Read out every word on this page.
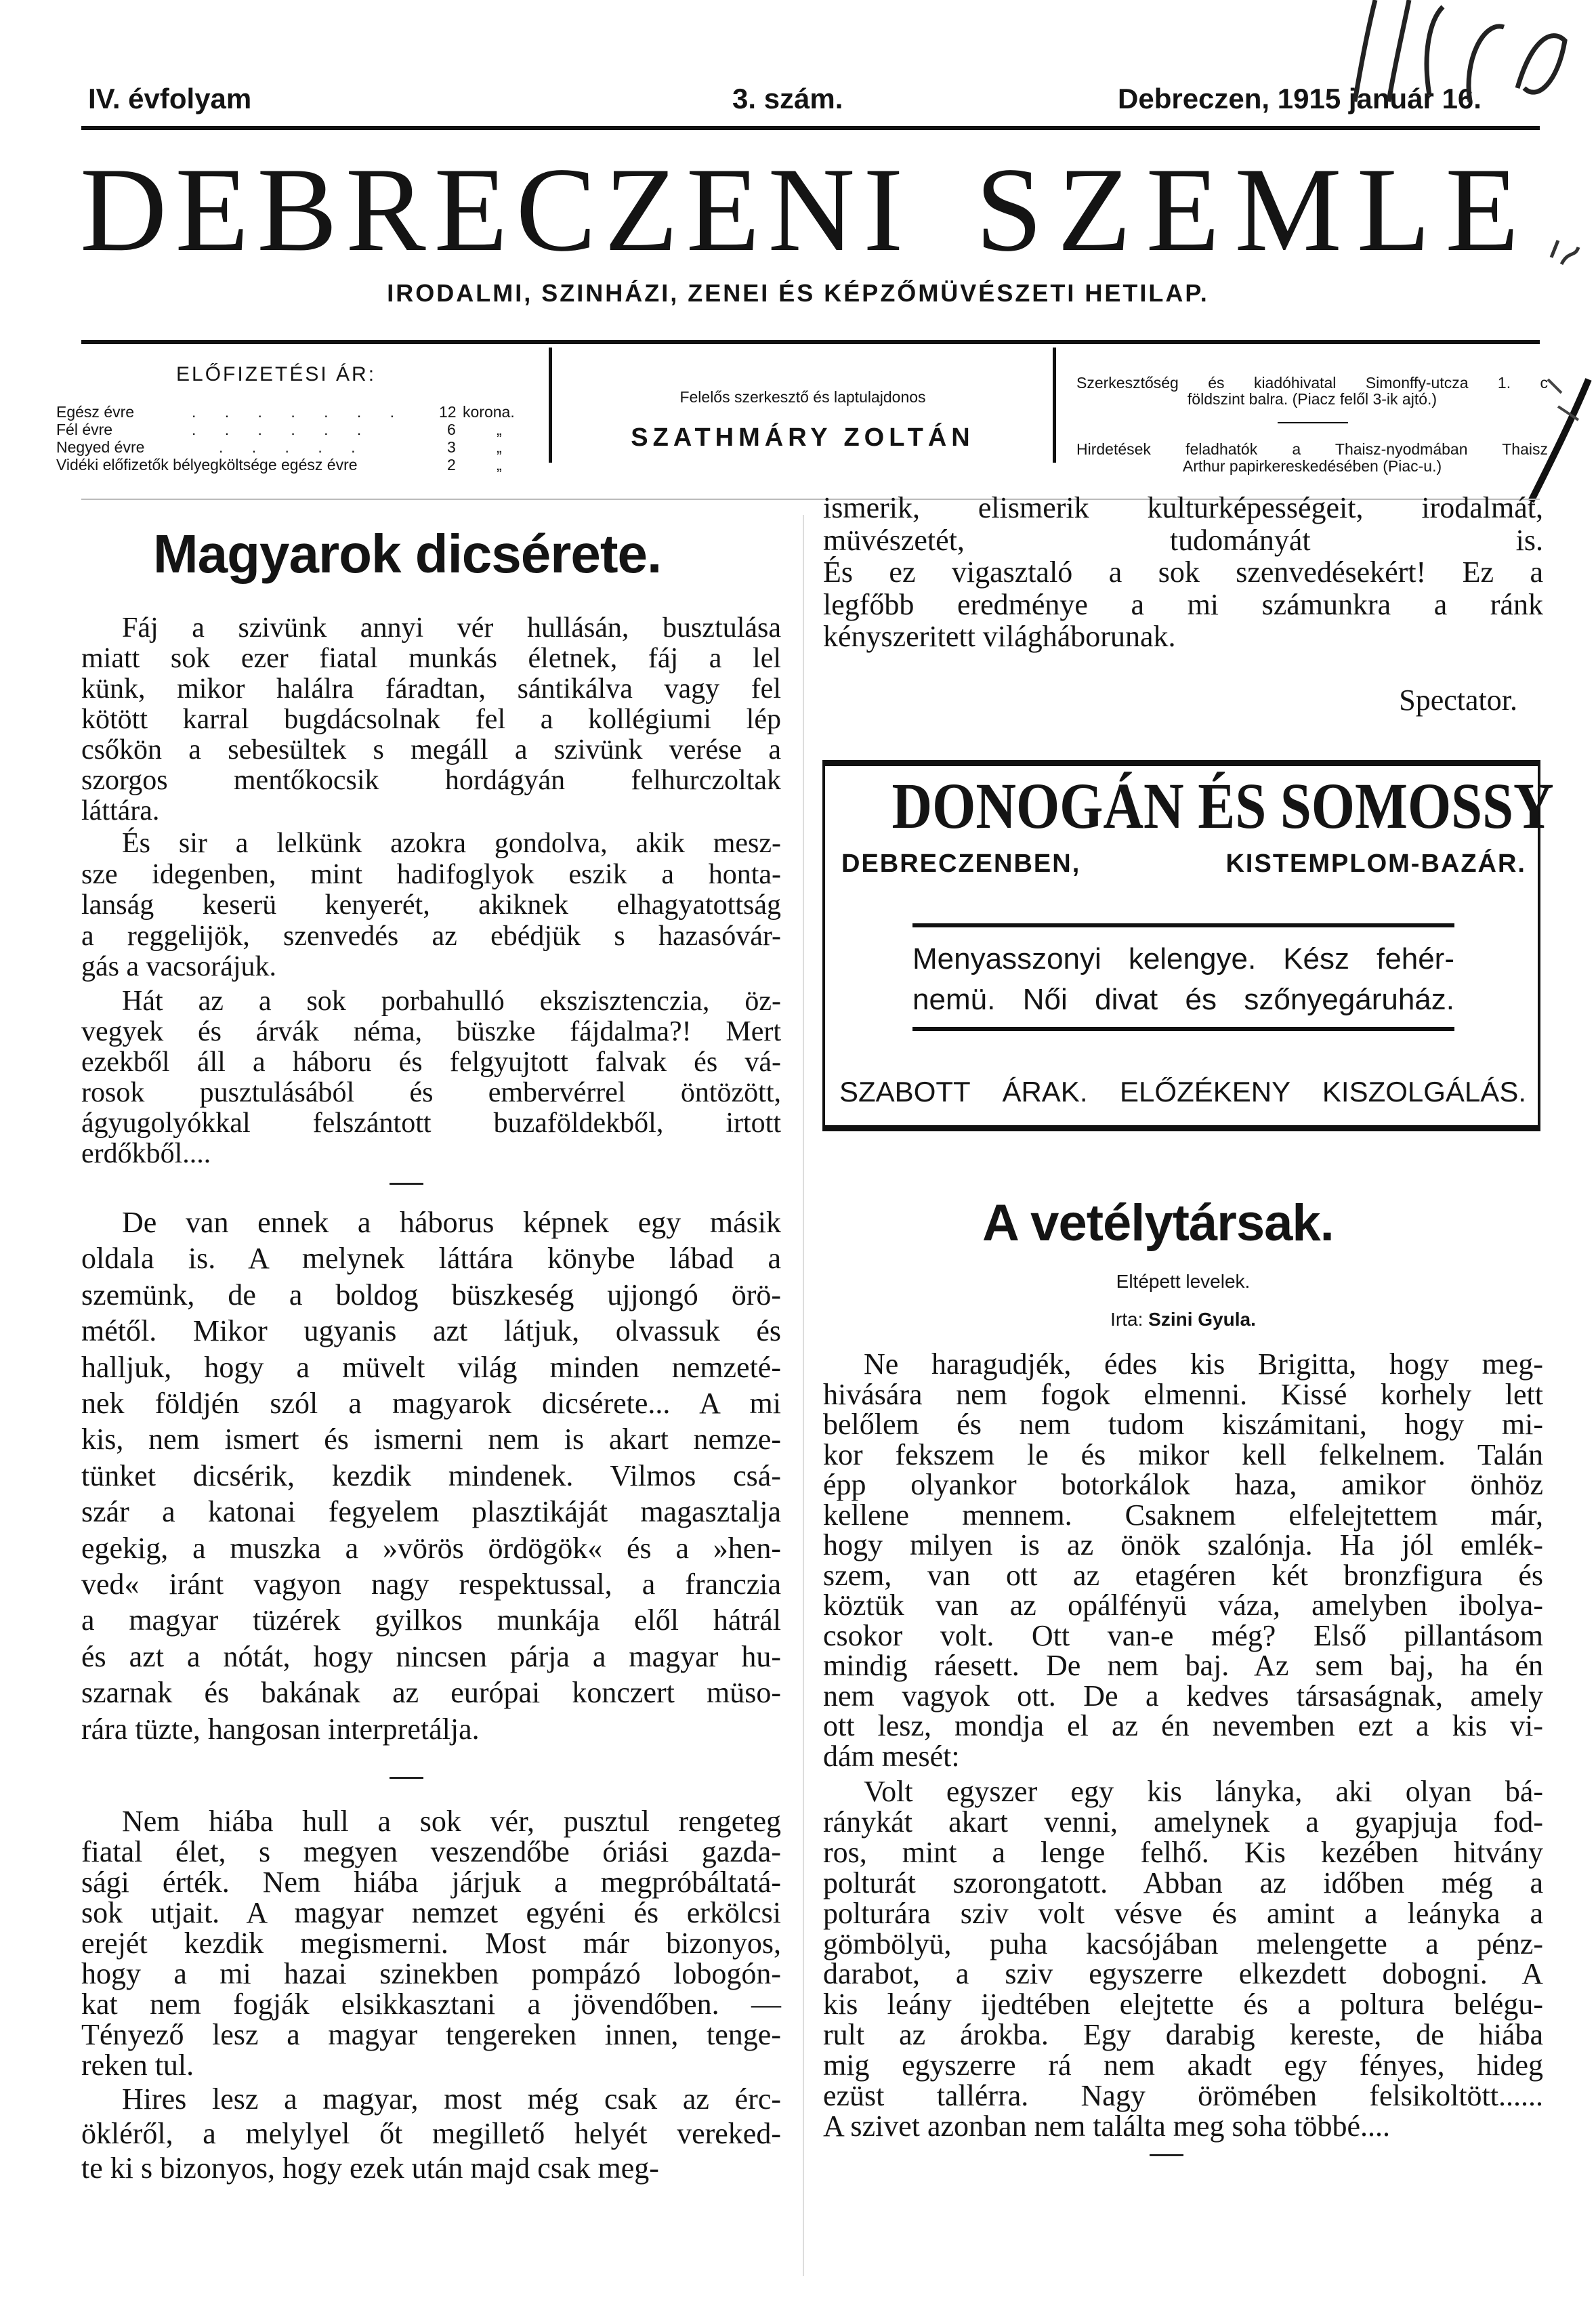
IV. évfolyam	3. szám.	Debreczen, 1915 január 16.
DEBRECZENI SZEMLE
IRODALMI, SZINHÁZI, ZENEI ÉS KÉPZŐMÜVÉSZETI HETILAP.
ELŐFIZETÉSI ÁR:
Egész évre	. . . . . . . 12 korona.
Fél évre	. . . . . .	6	„
Negyed évre	. . . . .	3	„
Vidéki előfizetők bélyegköltsége egész évre	2	„
Felelős szerkesztő és laptulajdonos
SZATHMÁRY ZOLTÁN
Szerkesztőség és kiadóhivatal Simonffy-utcza 1. c
földszint balra. (Piacz felől 3-ik ajtó.)
Hirdetések feladhatók a Thaisz-nyodmában Thaisz
Arthur papirkereskedésében (Piac-u.)
Magyarok dicsérete.
Fáj a szivünk annyi vér hullásán, busztulása
miatt sok ezer fiatal munkás életnek, fáj a lel
künk, mikor halálra fáradtan, sántikálva vagy fel
kötött karral bugdácsolnak fel a kollégiumi lép
csőkön a sebesültek s megáll a szivünk verése a
szorgos mentőkocsik hordágyán felhurczoltak
láttára.
És sir a lelkünk azokra gondolva, akik mesz-
sze idegenben, mint hadifoglyok eszik a honta-
lanság keserü kenyerét, akiknek elhagyatottság
a reggelijök, szenvedés az ebédjük s hazasóvár-
gás a vacsorájuk.
Hát az a sok porbahulló ekszisztenczia, öz-
vegyek és árvák néma, büszke fájdalma?! Mert
ezekből áll a háboru és felgyujtott falvak és vá-
rosok pusztulásából és embervérrel öntözött,
ágyugolyókkal felszántott buzaföldekből, irtott
erdőkből....
De van ennek a háborus képnek egy másik
oldala is. A melynek láttára könybe lábad a
szemünk, de a boldog büszkeség ujjongó örö-
métől. Mikor ugyanis azt látjuk, olvassuk és
halljuk, hogy a müvelt világ minden nemzeté-
nek földjén szól a magyarok dicsérete... A mi
kis, nem ismert és ismerni nem is akart nemze-
tünket dicsérik, kezdik mindenek. Vilmos csá-
szár a katonai fegyelem plasztikáját magasztalja
egekig, a muszka a »vörös ördögök« és a »hen-
ved« iránt vagyon nagy respektussal, a franczia
a magyar tüzérek gyilkos munkája elől hátrál
és azt a nótát, hogy nincsen párja a magyar hu-
szarnak és bakának az európai konczert müso-
rára tüzte, hangosan interpretálja.
Nem hiába hull a sok vér, pusztul rengeteg
fiatal élet, s megyen veszendőbe óriási gazda-
sági érték. Nem hiába járjuk a megpróbáltatá-
sok utjait. A magyar nemzet egyéni és erkölcsi
erejét kezdik megismerni. Most már bizonyos,
hogy a mi hazai szinekben pompázó lobogón-
kat nem fogják elsikkasztani a jövendőben. —
Tényező lesz a magyar tengereken innen, tenge-
reken tul.
Hires lesz a magyar, most még csak az érc-
ökléről, a melylyel őt megillető helyét vereked-
te ki s bizonyos, hogy ezek után majd csak meg-
ismerik, elismerik kulturképességeit, irodalmát,
müvészetét, tudományát is.
És ez vigasztaló a sok szenvedésekért! Ez a
legfőbb eredménye a mi számunkra a ránk
kényszeritett világháborunak.
Spectator.
DONOGÁN ÉS SOMOSSY
DEBRECZENBEN,	KISTEMPLOM-BAZÁR.
Menyasszonyi kelengye. Kész fehér-
nemü. Női divat és szőnyegáruház.
SZABOTT ÁRAK. ELŐZÉKENY KISZOLGÁLÁS.
A vetélytársak.
Eltépett levelek.
Irta: Szini Gyula.
Ne haragudjék, édes kis Brigitta, hogy meg-
hivására nem fogok elmenni. Kissé korhely lett
belőlem és nem tudom kiszámitani, hogy mi-
kor fekszem le és mikor kell felkelnem. Talán
épp olyankor botorkálok haza, amikor önhöz
kellene mennem. Csaknem elfelejtettem már,
hogy milyen is az önök szalónja. Ha jól emlék-
szem, van ott az etagéren két bronzfigura és
köztük van az opálfényü váza, amelyben ibolya-
csokor volt. Ott van-e még? Első pillantásom
mindig ráesett. De nem baj. Az sem baj, ha én
nem vagyok ott. De a kedves társaságnak, amely
ott lesz, mondja el az én nevemben ezt a kis vi-
dám mesét:
Volt egyszer egy kis lányka, aki olyan bá-
ránykát akart venni, amelynek a gyapjuja fod-
ros, mint a lenge felhő. Kis kezében hitvány
polturát szorongatott. Abban az időben még a
polturára sziv volt vésve és amint a leányka a
gömbölyü, puha kacsójában melengette a pénz-
darabot, a sziv egyszerre elkezdett dobogni. A
kis leány ijedtében elejtette és a poltura belégu-
rult az árokba. Egy darabig kereste, de hiába
mig egyszerre rá nem akadt egy fényes, hideg
ezüst tallérra. Nagy örömében felsikoltött......
A szivet azonban nem találta meg soha többé....
